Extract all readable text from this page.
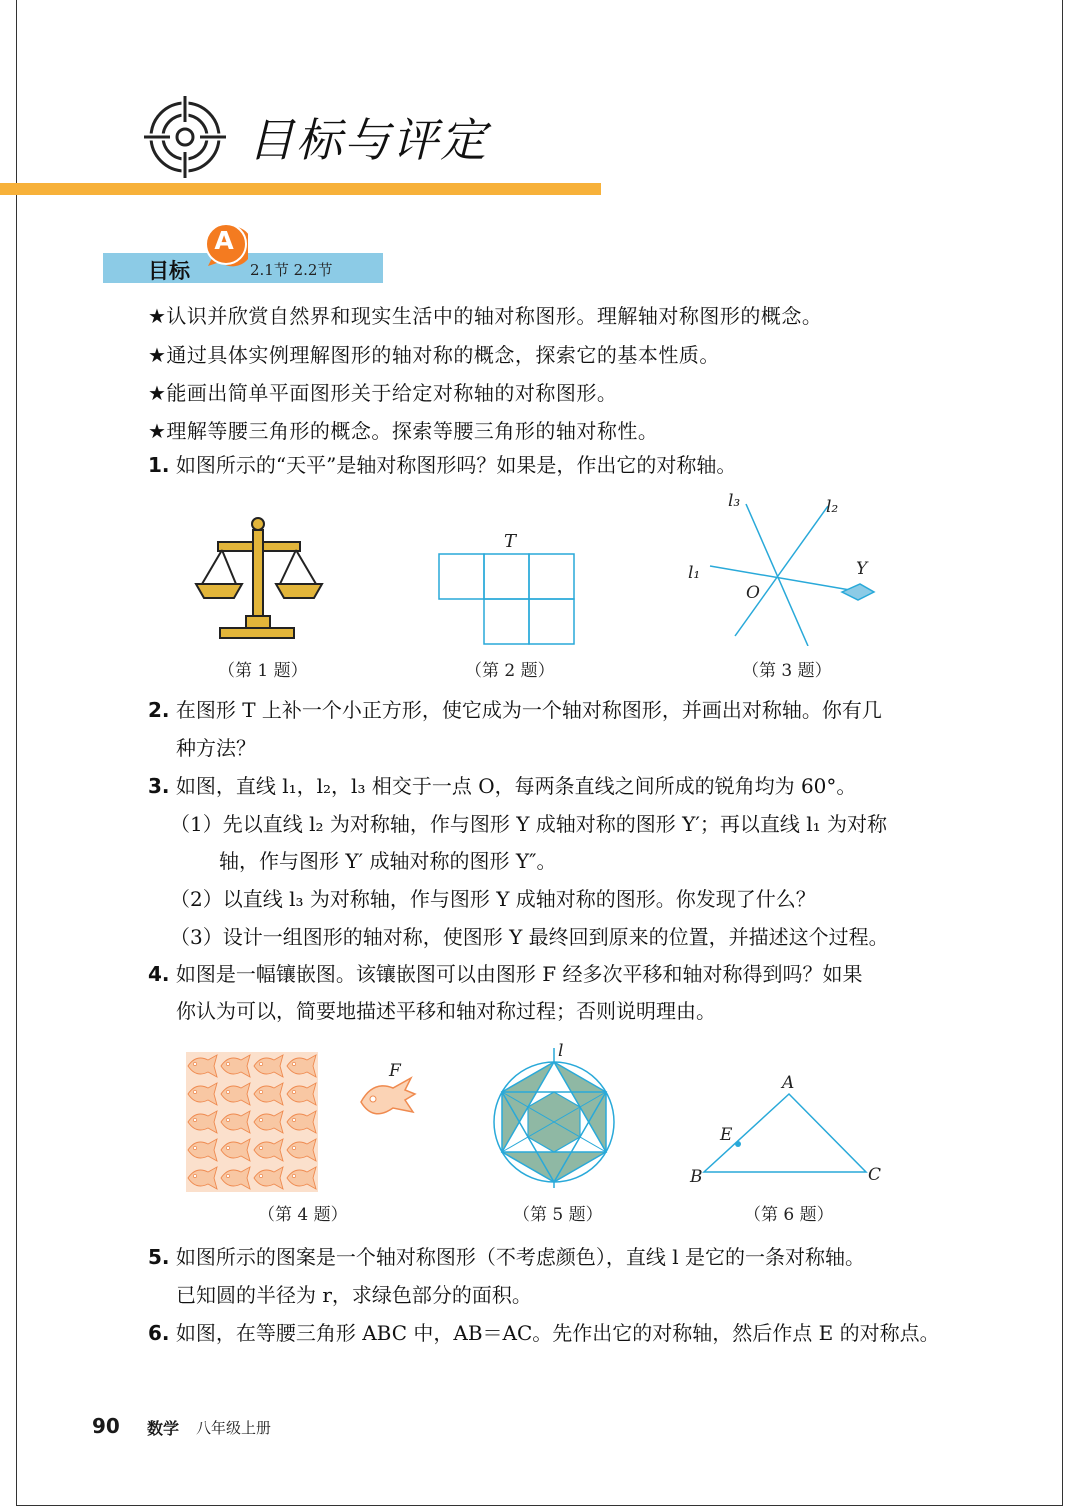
目标与评定
目标
A
2.1节 2.2节
★认识并欣赏自然界和现实生活中的轴对称图形。理解轴对称图形的概念。
★通过具体实例理解图形的轴对称的概念，探索它的基本性质。
★能画出简单平面图形关于给定对称轴的对称图形。
★理解等腰三角形的概念。探索等腰三角形的轴对称性。
1. 如图所示的“天平”是轴对称图形吗？如果是，作出它的对称轴。
（第 1 题）
T
（第 2 题）
l₁
l₂
l₃
O
Y
（第 3 题）
2. 在图形 T 上补一个小正方形，使它成为一个轴对称图形，并画出对称轴。你有几
种方法？
3. 如图，直线 l₁，l₂，l₃ 相交于一点 O，每两条直线之间所成的锐角均为 60°。
（1）先以直线 l₂ 为对称轴，作与图形 Y 成轴对称的图形 Y′；再以直线 l₁ 为对称
轴，作与图形 Y′ 成轴对称的图形 Y″。
（2）以直线 l₃ 为对称轴，作与图形 Y 成轴对称的图形。你发现了什么？
（3）设计一组图形的轴对称，使图形 Y 最终回到原来的位置，并描述这个过程。
4. 如图是一幅镶嵌图。该镶嵌图可以由图形 F 经多次平移和轴对称得到吗？如果
你认为可以，简要地描述平移和轴对称过程；否则说明理由。
F
（第 4 题）
l
（第 5 题）
A
B	C
E
（第 6 题）
5. 如图所示的图案是一个轴对称图形（不考虑颜色），直线 l 是它的一条对称轴。
已知圆的半径为 r，求绿色部分的面积。
6. 如图，在等腰三角形 ABC 中，AB＝AC。先作出它的对称轴，然后作点 E 的对称点。
90 数学 八年级上册
